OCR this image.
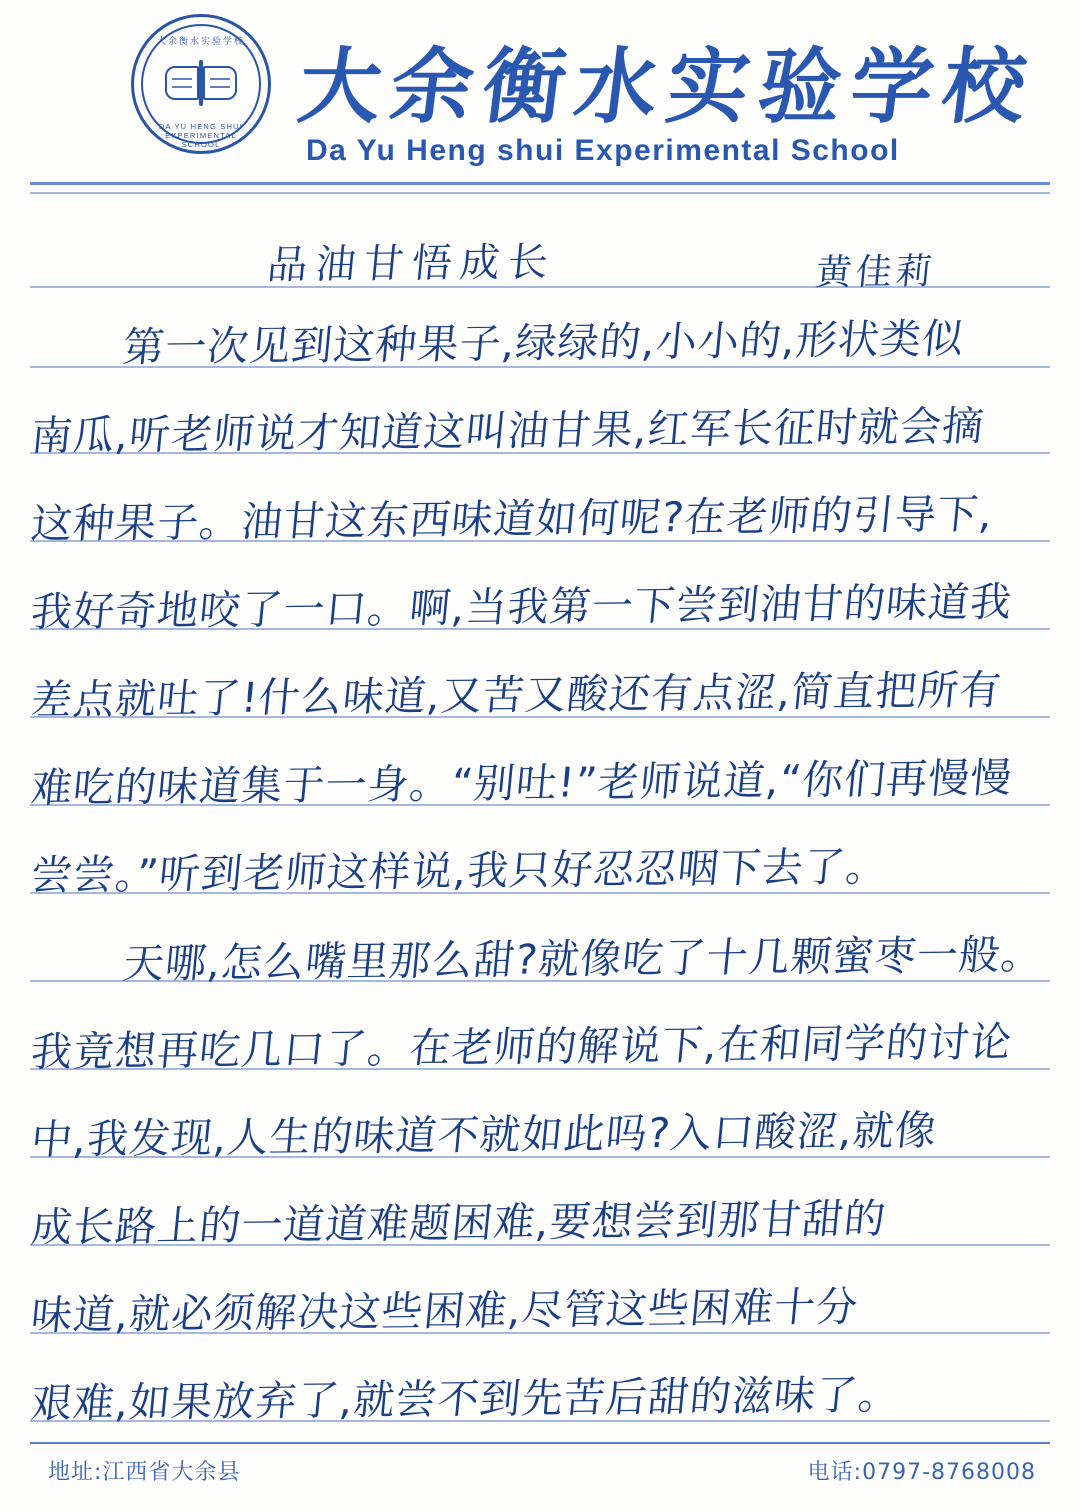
大余衡水实验学校
DA YU HENG SHUI EXPERIMENTAL SCHOOL
大余衡水实验学校
Da Yu Heng shui Experimental School
品油甘悟成长	黄佳莉
第一次见到这种果子,绿绿的,小小的,形状类似
南瓜,听老师说才知道这叫油甘果,红军长征时就会摘
这种果子。油甘这东西味道如何呢?在老师的引导下,
我好奇地咬了一口。啊,当我第一下尝到油甘的味道我
差点就吐了!什么味道,又苦又酸还有点涩,简直把所有
难吃的味道集于一身。“别吐!”老师说道,“你们再慢慢
尝尝。”听到老师这样说,我只好忍忍咽下去了。
天哪,怎么嘴里那么甜?就像吃了十几颗蜜枣一般。
我竟想再吃几口了。在老师的解说下,在和同学的讨论
中,我发现,人生的味道不就如此吗?入口酸涩,就像
成长路上的一道道难题困难,要想尝到那甘甜的
味道,就必须解决这些困难,尽管这些困难十分
艰难,如果放弃了,就尝不到先苦后甜的滋味了。
地址:江西省大余县	电话:0797-8768008
